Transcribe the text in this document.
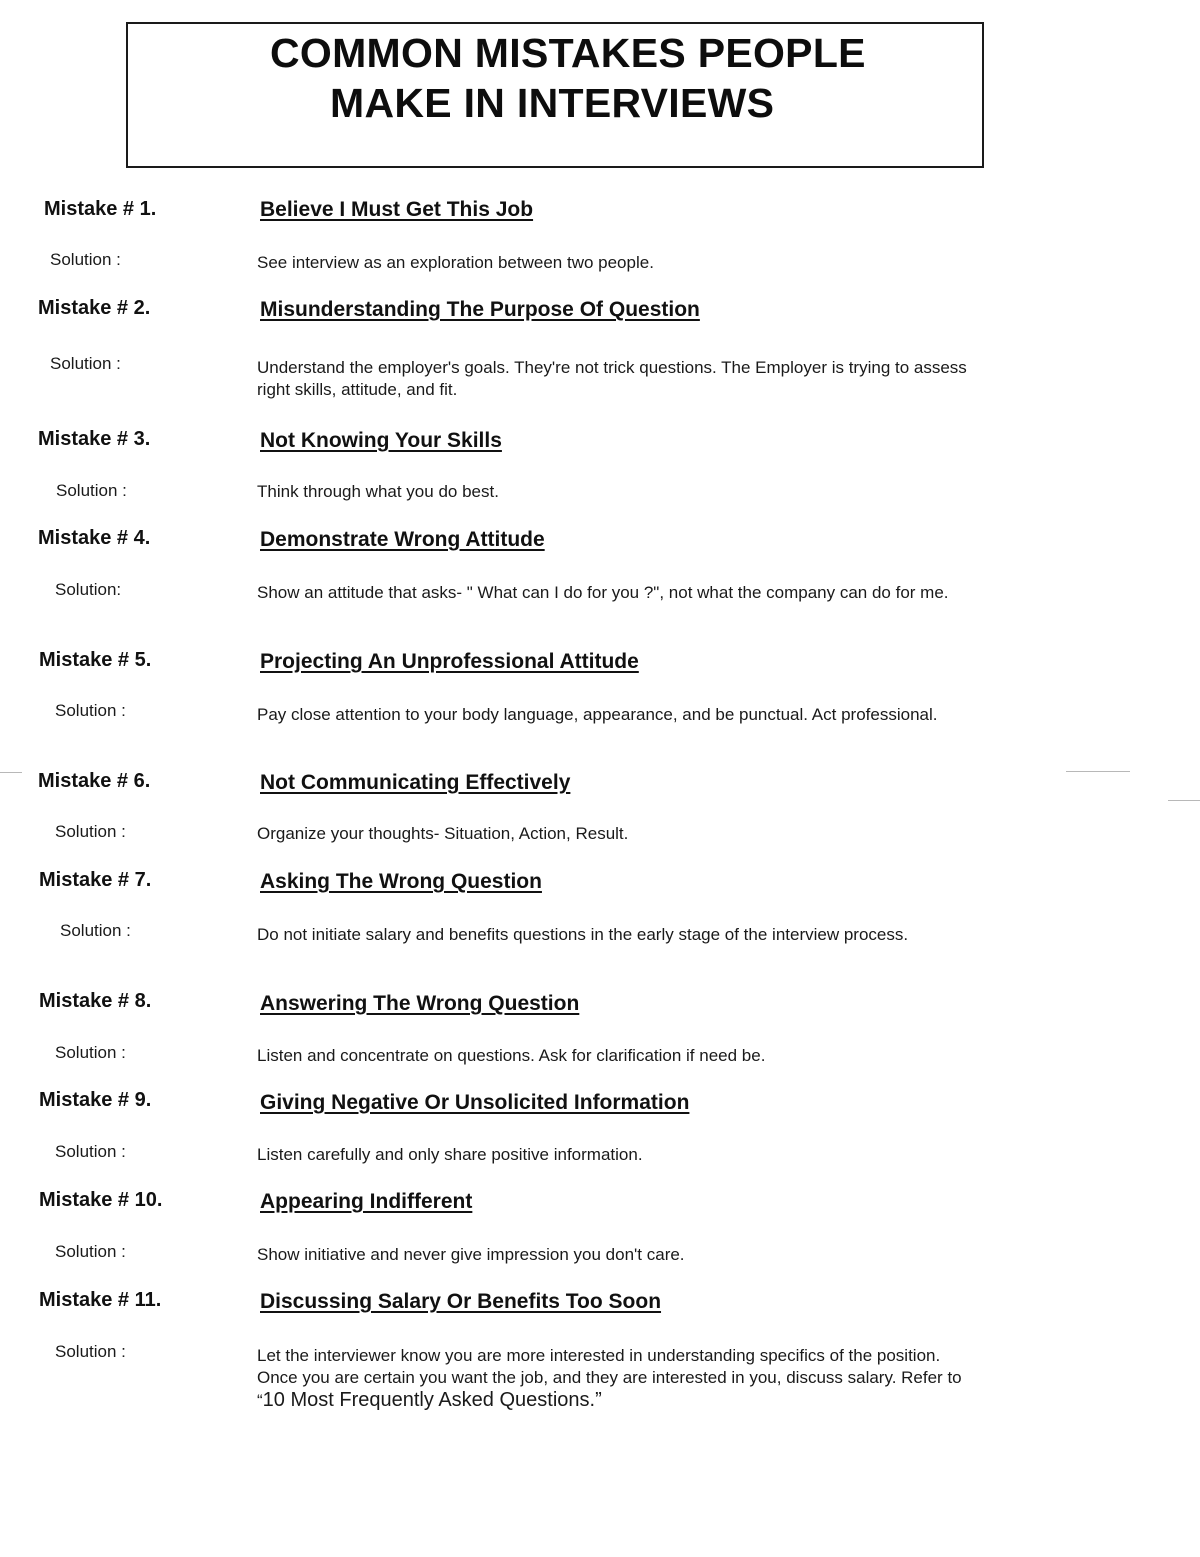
COMMON MISTAKES PEOPLE
MAKE IN INTERVIEWS
Mistake # 1.	Believe I Must Get This Job
Solution :	See interview as an exploration between two people.
Mistake # 2.	Misunderstanding The Purpose Of Question
Solution :	Understand the employer's goals. They're not trick questions. The Employer is trying to assess right skills, attitude, and fit.
Mistake # 3.	Not Knowing Your Skills
Solution :	Think through what you do best.
Mistake # 4.	Demonstrate Wrong Attitude
Solution:	Show an attitude that asks- " What can I do for you ?", not what the company can do for me.
Mistake # 5.	Projecting An Unprofessional Attitude
Solution :	Pay close attention to your body language, appearance, and be punctual. Act professional.
Mistake # 6.	Not Communicating Effectively
Solution :	Organize your thoughts- Situation, Action, Result.
Mistake # 7.	Asking The Wrong Question
Solution :	Do not initiate salary and benefits questions in the early stage of the interview process.
Mistake # 8.	Answering The Wrong Question
Solution :	Listen and concentrate on questions. Ask for clarification if need be.
Mistake # 9.	Giving Negative Or Unsolicited Information
Solution :	Listen carefully and only share positive information.
Mistake # 10.	Appearing Indifferent
Solution :	Show initiative and never give impression you don't care.
Mistake # 11.	Discussing Salary Or Benefits Too Soon
Solution :	Let the interviewer know you are more interested in understanding specifics of the position. Once you are certain you want the job, and they are interested in you, discuss salary. Refer to “10 Most Frequently Asked Questions.”
